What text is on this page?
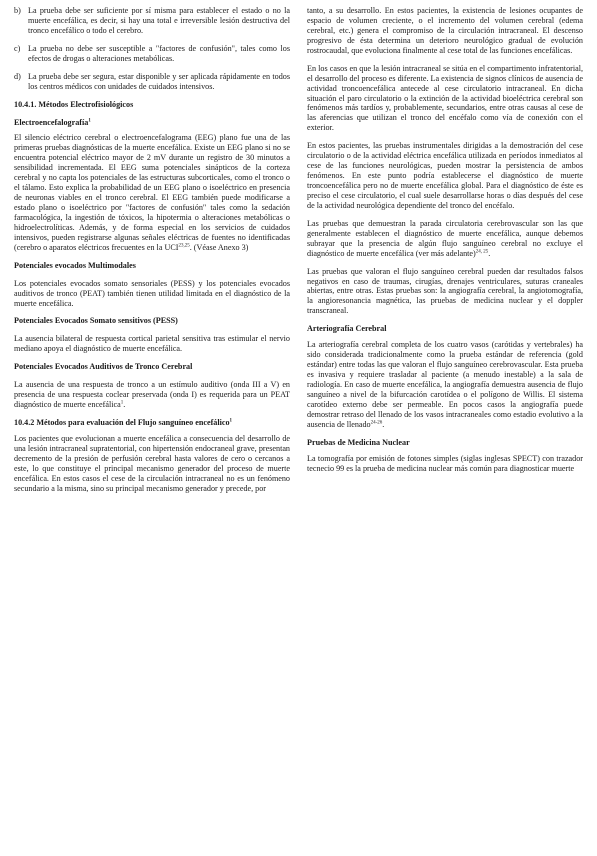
b) La prueba debe ser suficiente por sí misma para establecer el estado o no la muerte encefálica, es decir, si hay una total e irreversible lesión destructiva del tronco encefálico o todo el cerebro.
c) La prueba no debe ser susceptible a "factores de confusión", tales como los efectos de drogas o alteraciones metabólicas.
d) La prueba debe ser segura, estar disponible y ser aplicada rápidamente en todos los centros médicos con unidades de cuidados intensivos.
10.4.1. Métodos Electrofisiológicos
Electroencefalografía$^1$

El silencio eléctrico cerebral o electroencefalograma (EEG) plano fue una de las primeras pruebas diagnósticas de la muerte encefálica. Existe un EEG plano si no se encuentra potencial eléctrico mayor de 2 mV durante un registro de 30 minutos a sensibilidad incrementada. El EEG suma potenciales sinápticos de la corteza cerebral y no capta los potenciales de las estructuras subcorticales, como el tronco o el tálamo. Esto explica la probabilidad de un EEG plano o isoeléctrico en presencia de neuronas viables en el tronco cerebral. El EEG también puede modificarse a estado plano o isoeléctrico por "factores de confusión" tales como la sedación farmacológica, la ingestión de tóxicos, la hipotermia o alteraciones metabólicas o hidroelectrolíticas. Además, y de forma especial en los servicios de cuidados intensivos, pueden registrarse algunas señales eléctricas de fuentes no identificadas (cerebro o aparatos eléctricos frecuentes en la UCI$^{23,25}$. (Véase Anexo 3)

Potenciales evocados Multimodales

Los potenciales evocados somato sensoriales (PESS) y los potenciales evocados auditivos de tronco (PEAT) también tienen utilidad limitada en el diagnóstico de la muerte encefálica.

Potenciales Evocados Somato sensitivos (PESS)

La ausencia bilateral de respuesta cortical parietal sensitiva tras estimular el nervio mediano apoya el diagnóstico de muerte encefálica.

Potenciales Evocados Auditivos de Tronco Cerebral

La ausencia de una respuesta de tronco a un estímulo auditivo (onda III a V) en presencia de una respuesta coclear preservada (onda I) es requerida para un PEAT diagnóstico de muerte encefálica$^1$.

10.4.2 Métodos para evaluación del Flujo sanguíneo encefálico$^1$

Los pacientes que evolucionan a muerte encefálica a consecuencia del desarrollo de una lesión intracraneal supratentorial, con hipertensión endocraneal grave, presentan decremento de la presión de perfusión cerebral hasta valores de cero o cercanos a este, lo que constituye el principal mecanismo generador del proceso de muerte encefálica. En estos casos el cese de la circulación intracraneal no es un fenómeno secundario a la misma, sino su principal mecanismo generador y precede, por

tanto, a su desarrollo. En estos pacientes, la existencia de lesiones ocupantes de espacio de volumen creciente, o el incremento del volumen cerebral (edema cerebral, etc.) genera el compromiso de la circulación intracraneal. El descenso progresivo de ésta determina un deterioro neurológico gradual de evolución rostrocaudal, que evoluciona finalmente al cese total de las funciones encefálicas.

En los casos en que la lesión intracraneal se sitúa en el compartimento infratentorial, el desarrollo del proceso es diferente. La existencia de signos clínicos de ausencia de actividad troncoencefálica antecede al cese circulatorio intracraneal. En dicha situación el paro circulatorio o la extinción de la actividad bioeléctrica cerebral son fenómenos más tardíos y, probablemente, secundarios, entre otras causas al cese de las aferencias que utilizan el tronco del encéfalo como vía de conexión con el exterior.

En estos pacientes, las pruebas instrumentales dirigidas a la demostración del cese circulatorio o de la actividad eléctrica encefálica utilizada en períodos inmediatos al cese de las funciones neurológicas, pueden mostrar la persistencia de ambos fenómenos. En este punto podría establecerse el diagnóstico de muerte troncoencefálica pero no de muerte encefálica global. Para el diagnóstico de éste es preciso el cese circulatorio, el cual suele desarrollarse horas o días después del cese de la actividad neurológica dependiente del tronco del encéfalo.

Las pruebas que demuestran la parada circulatoria cerebrovascular son las que generalmente establecen el diagnóstico de muerte encefálica, aunque debemos subrayar que la presencia de algún flujo sanguíneo cerebral no excluye el diagnóstico de muerte encefálica (ver más adelante)$^{24, 25}$.

Las pruebas que valoran el flujo sanguíneo cerebral pueden dar resultados falsos negativos en caso de traumas, cirugías, drenajes ventriculares, suturas craneales abiertas, entre otras. Estas pruebas son: la angiografía cerebral, la angiotomografía, la angioresonancia magnética, las pruebas de medicina nuclear y el doppler transcraneal.

Arteriografía Cerebral

La arteriografía cerebral completa de los cuatro vasos (carótidas y vertebrales) ha sido considerada tradicionalmente como la prueba estándar de referencia (gold estándar) entre todas las que valoran el flujo sanguíneo cerebrovascular. Esta prueba es invasiva y requiere trasladar al paciente (a menudo inestable) a la sala de radiología. En caso de muerte encefálica, la angiografía demuestra ausencia de flujo sanguíneo a nivel de la bifurcación carotídea o el polígono de Willis. El sistema carotídeo externo debe ser permeable. En pocos casos la angiografía puede demostrar retraso del llenado de los vasos intracraneales como estadio evolutivo a la ausencia de llenado$^{24-26}$.

Pruebas de Medicina Nuclear

La tomografía por emisión de fotones simples (siglas inglesas SPECT) con trazador tecnecio 99 es la prueba de medicina nuclear más común para diagnosticar muerte
